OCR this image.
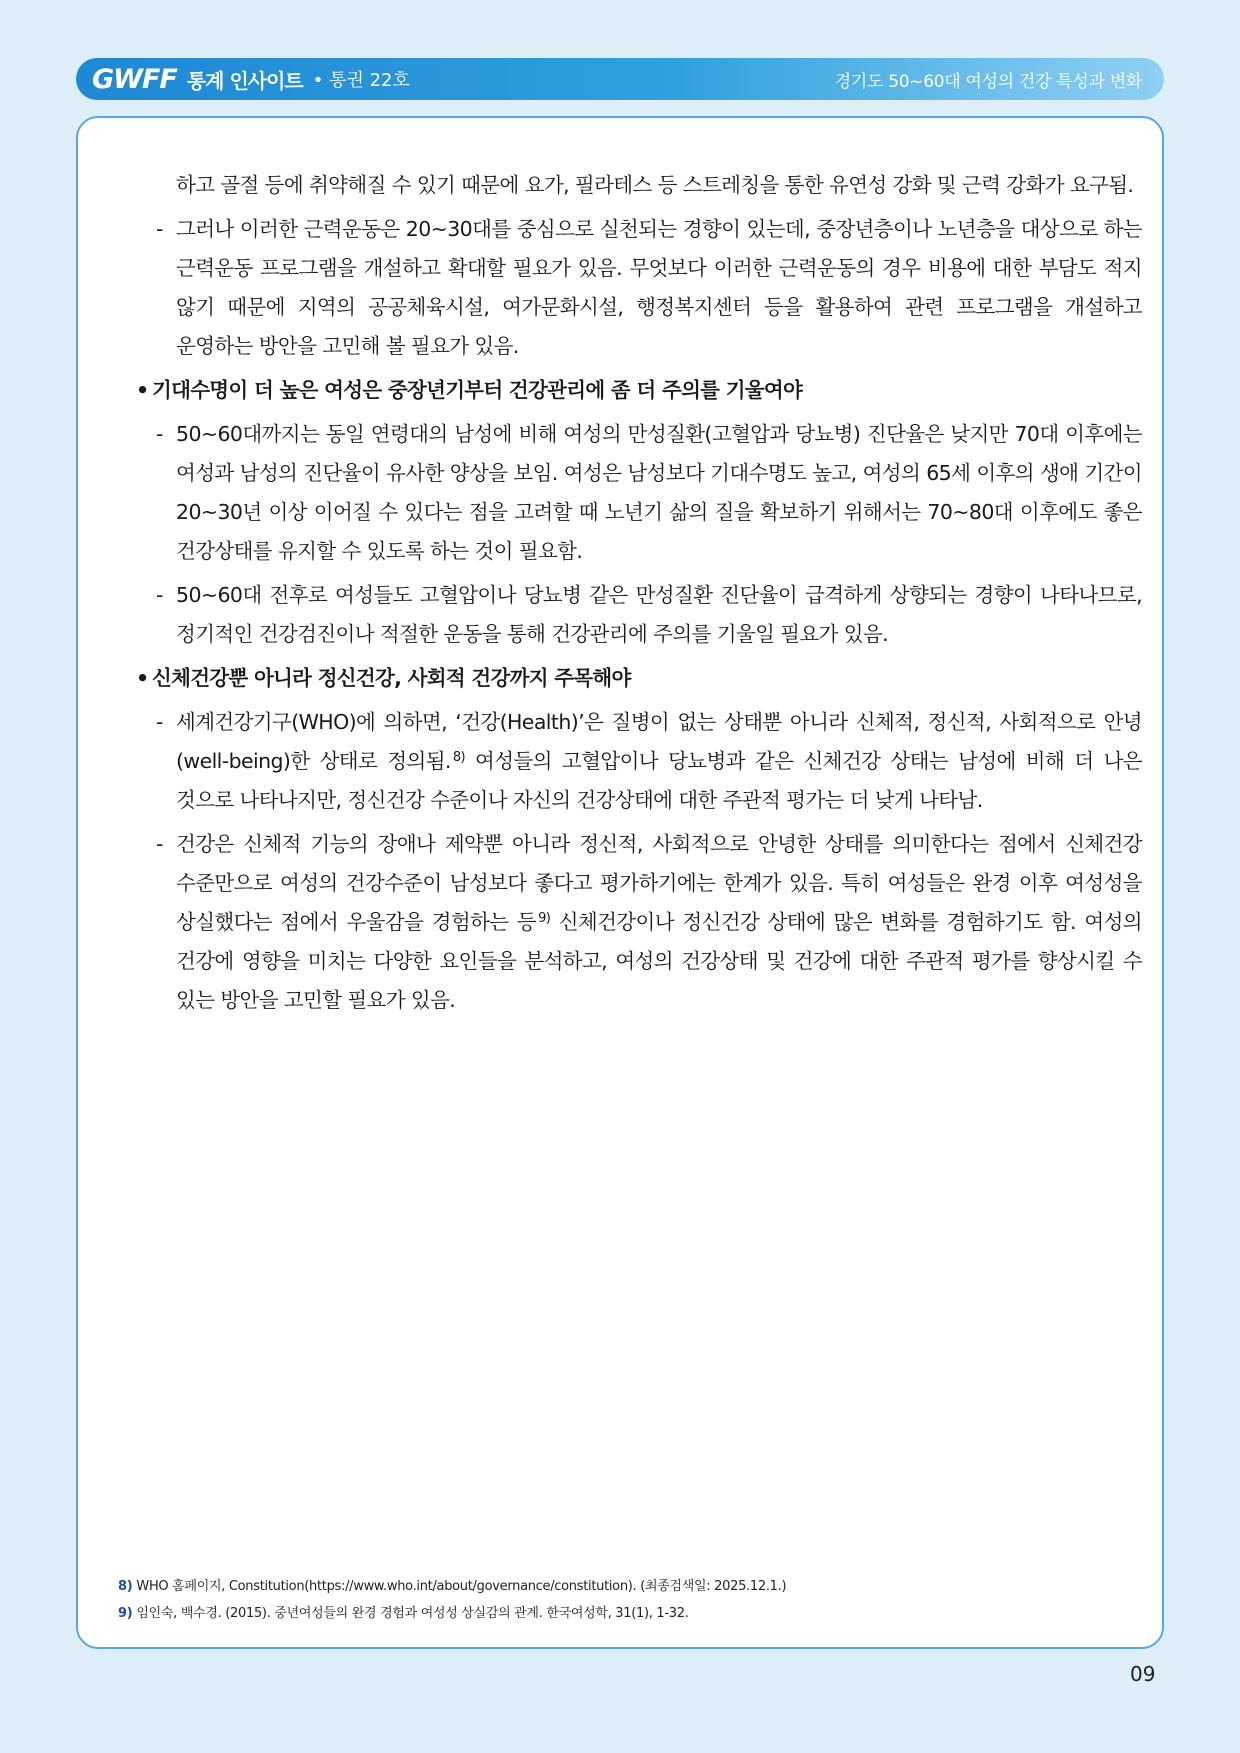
GWFF 통계 인사이트 • 통권 22호	경기도 50~60대 여성의 건강 특성과 변화

하고 골절 등에 취약해질 수 있기 때문에 요가, 필라테스 등 스트레칭을 통한 유연성 강화 및 근력 강화가 요구됨.

- 그러나 이러한 근력운동은 20~30대를 중심으로 실천되는 경향이 있는데, 중장년층이나 노년층을 대상으로 하는 근력운동 프로그램을 개설하고 확대할 필요가 있음. 무엇보다 이러한 근력운동의 경우 비용에 대한 부담도 적지 않기 때문에 지역의 공공체육시설, 여가문화시설, 행정복지센터 등을 활용하여 관련 프로그램을 개설하고 운영하는 방안을 고민해 볼 필요가 있음.

• 기대수명이 더 높은 여성은 중장년기부터 건강관리에 좀 더 주의를 기울여야

- 50~60대까지는 동일 연령대의 남성에 비해 여성의 만성질환(고혈압과 당뇨병) 진단율은 낮지만 70대 이후에는 여성과 남성의 진단율이 유사한 양상을 보임. 여성은 남성보다 기대수명도 높고, 여성의 65세 이후의 생애 기간이 20~30년 이상 이어질 수 있다는 점을 고려할 때 노년기 삶의 질을 확보하기 위해서는 70~80대 이후에도 좋은 건강상태를 유지할 수 있도록 하는 것이 필요함.

- 50~60대 전후로 여성들도 고혈압이나 당뇨병 같은 만성질환 진단율이 급격하게 상향되는 경향이 나타나므로, 정기적인 건강검진이나 적절한 운동을 통해 건강관리에 주의를 기울일 필요가 있음.

• 신체건강뿐 아니라 정신건강, 사회적 건강까지 주목해야

- 세계건강기구(WHO)에 의하면, ‘건강(Health)’은 질병이 없는 상태뿐 아니라 신체적, 정신적, 사회적으로 안녕(well-being)한 상태로 정의됨. $^{8)}$ 여성들의 고혈압이나 당뇨병과 같은 신체건강 상태는 남성에 비해 더 나은 것으로 나타나지만, 정신건강 수준이나 자신의 건강상태에 대한 주관적 평가는 더 낮게 나타남.

- 건강은 신체적 기능의 장애나 제약뿐 아니라 정신적, 사회적으로 안녕한 상태를 의미한다는 점에서 신체건강 수준만으로 여성의 건강수준이 남성보다 좋다고 평가하기에는 한계가 있음. 특히 여성들은 완경 이후 여성성을 상실했다는 점에서 우울감을 경험하는 등 $^{9)}$ 신체건강이나 정신건강 상태에 많은 변화를 경험하기도 함. 여성의 건강에 영향을 미치는 다양한 요인들을 분석하고, 여성의 건강상태 및 건강에 대한 주관적 평가를 향상시킬 수 있는 방안을 고민할 필요가 있음.

8) WHO 홈페이지, Constitution(https://www.who.int/about/governance/constitution). (최종검색일: 2025.12.1.)
9) 임인숙, 백수경. (2015). 중년여성들의 완경 경험과 여성성 상실감의 관계. 한국여성학, 31(1), 1-32.
09
